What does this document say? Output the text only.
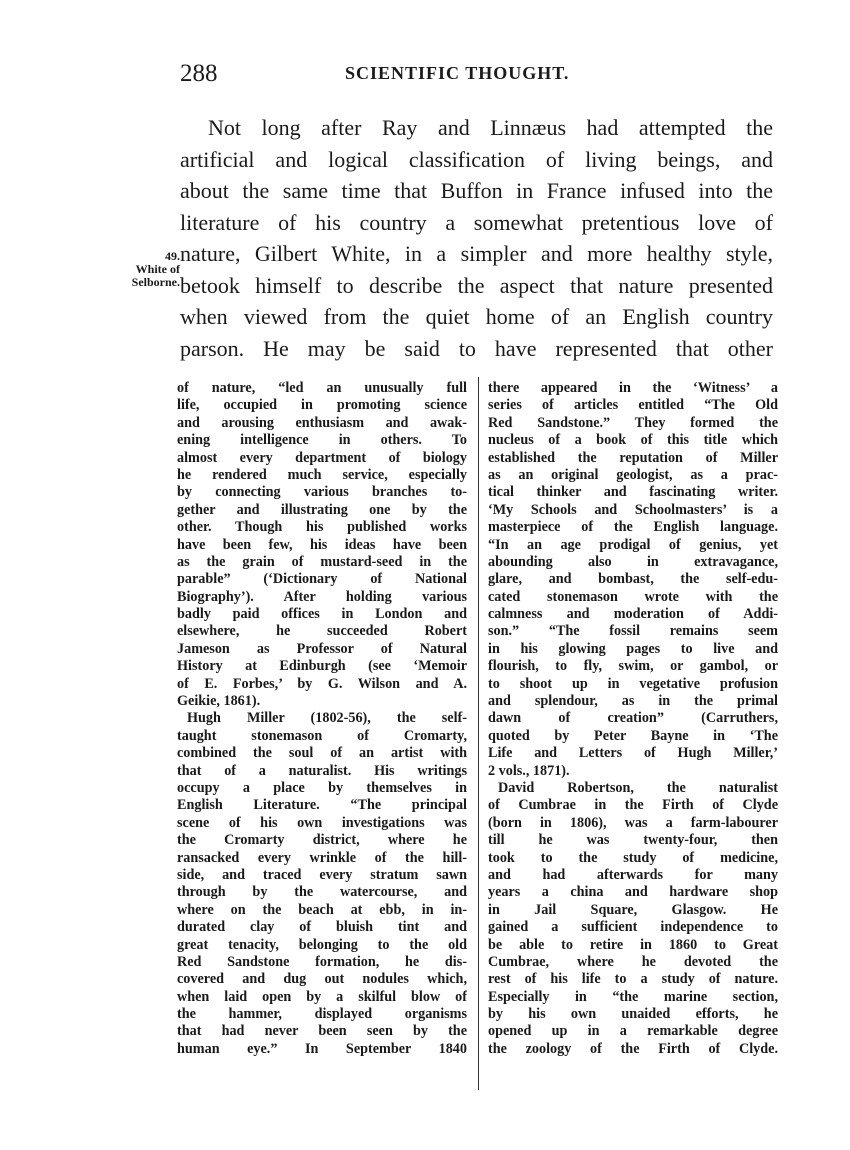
288	SCIENTIFIC THOUGHT.
49.
White of
Selborne.
Not long after Ray and Linnæus had attempted the
artificial and logical classification of living beings, and
about the same time that Buffon in France infused into the
literature of his country a somewhat pretentious love of
nature, Gilbert White, in a simpler and more healthy style,
betook himself to describe the aspect that nature presented
when viewed from the quiet home of an English country
parson. He may be said to have represented that other
of nature, “led an unusually full
life, occupied in promoting science
and arousing enthusiasm and awak-
ening intelligence in others. To
almost every department of biology
he rendered much service, especially
by connecting various branches to-
gether and illustrating one by the
other. Though his published works
have been few, his ideas have been
as the grain of mustard-seed in the
parable” (‘Dictionary of National
Biography’). After holding various
badly paid offices in London and
elsewhere, he succeeded Robert
Jameson as Professor of Natural
History at Edinburgh (see ‘Memoir
of E. Forbes,’ by G. Wilson and A.
Geikie, 1861).
Hugh Miller (1802-56), the self-
taught stonemason of Cromarty,
combined the soul of an artist with
that of a naturalist. His writings
occupy a place by themselves in
English Literature. “The principal
scene of his own investigations was
the Cromarty district, where he
ransacked every wrinkle of the hill-
side, and traced every stratum sawn
through by the watercourse, and
where on the beach at ebb, in in-
durated clay of bluish tint and
great tenacity, belonging to the old
Red Sandstone formation, he dis-
covered and dug out nodules which,
when laid open by a skilful blow of
the hammer, displayed organisms
that had never been seen by the
human eye.” In September 1840
there appeared in the ‘Witness’ a
series of articles entitled “The Old
Red Sandstone.” They formed the
nucleus of a book of this title which
established the reputation of Miller
as an original geologist, as a prac-
tical thinker and fascinating writer.
‘My Schools and Schoolmasters’ is a
masterpiece of the English language.
“In an age prodigal of genius, yet
abounding also in extravagance,
glare, and bombast, the self-edu-
cated stonemason wrote with the
calmness and moderation of Addi-
son.” “The fossil remains seem
in his glowing pages to live and
flourish, to fly, swim, or gambol, or
to shoot up in vegetative profusion
and splendour, as in the primal
dawn of creation” (Carruthers,
quoted by Peter Bayne in ‘The
Life and Letters of Hugh Miller,’
2 vols., 1871).
David Robertson, the naturalist
of Cumbrae in the Firth of Clyde
(born in 1806), was a farm-labourer
till he was twenty-four, then
took to the study of medicine,
and had afterwards for many
years a china and hardware shop
in Jail Square, Glasgow. He
gained a sufficient independence to
be able to retire in 1860 to Great
Cumbrae, where he devoted the
rest of his life to a study of nature.
Especially in “the marine section,
by his own unaided efforts, he
opened up in a remarkable degree
the zoology of the Firth of Clyde.
